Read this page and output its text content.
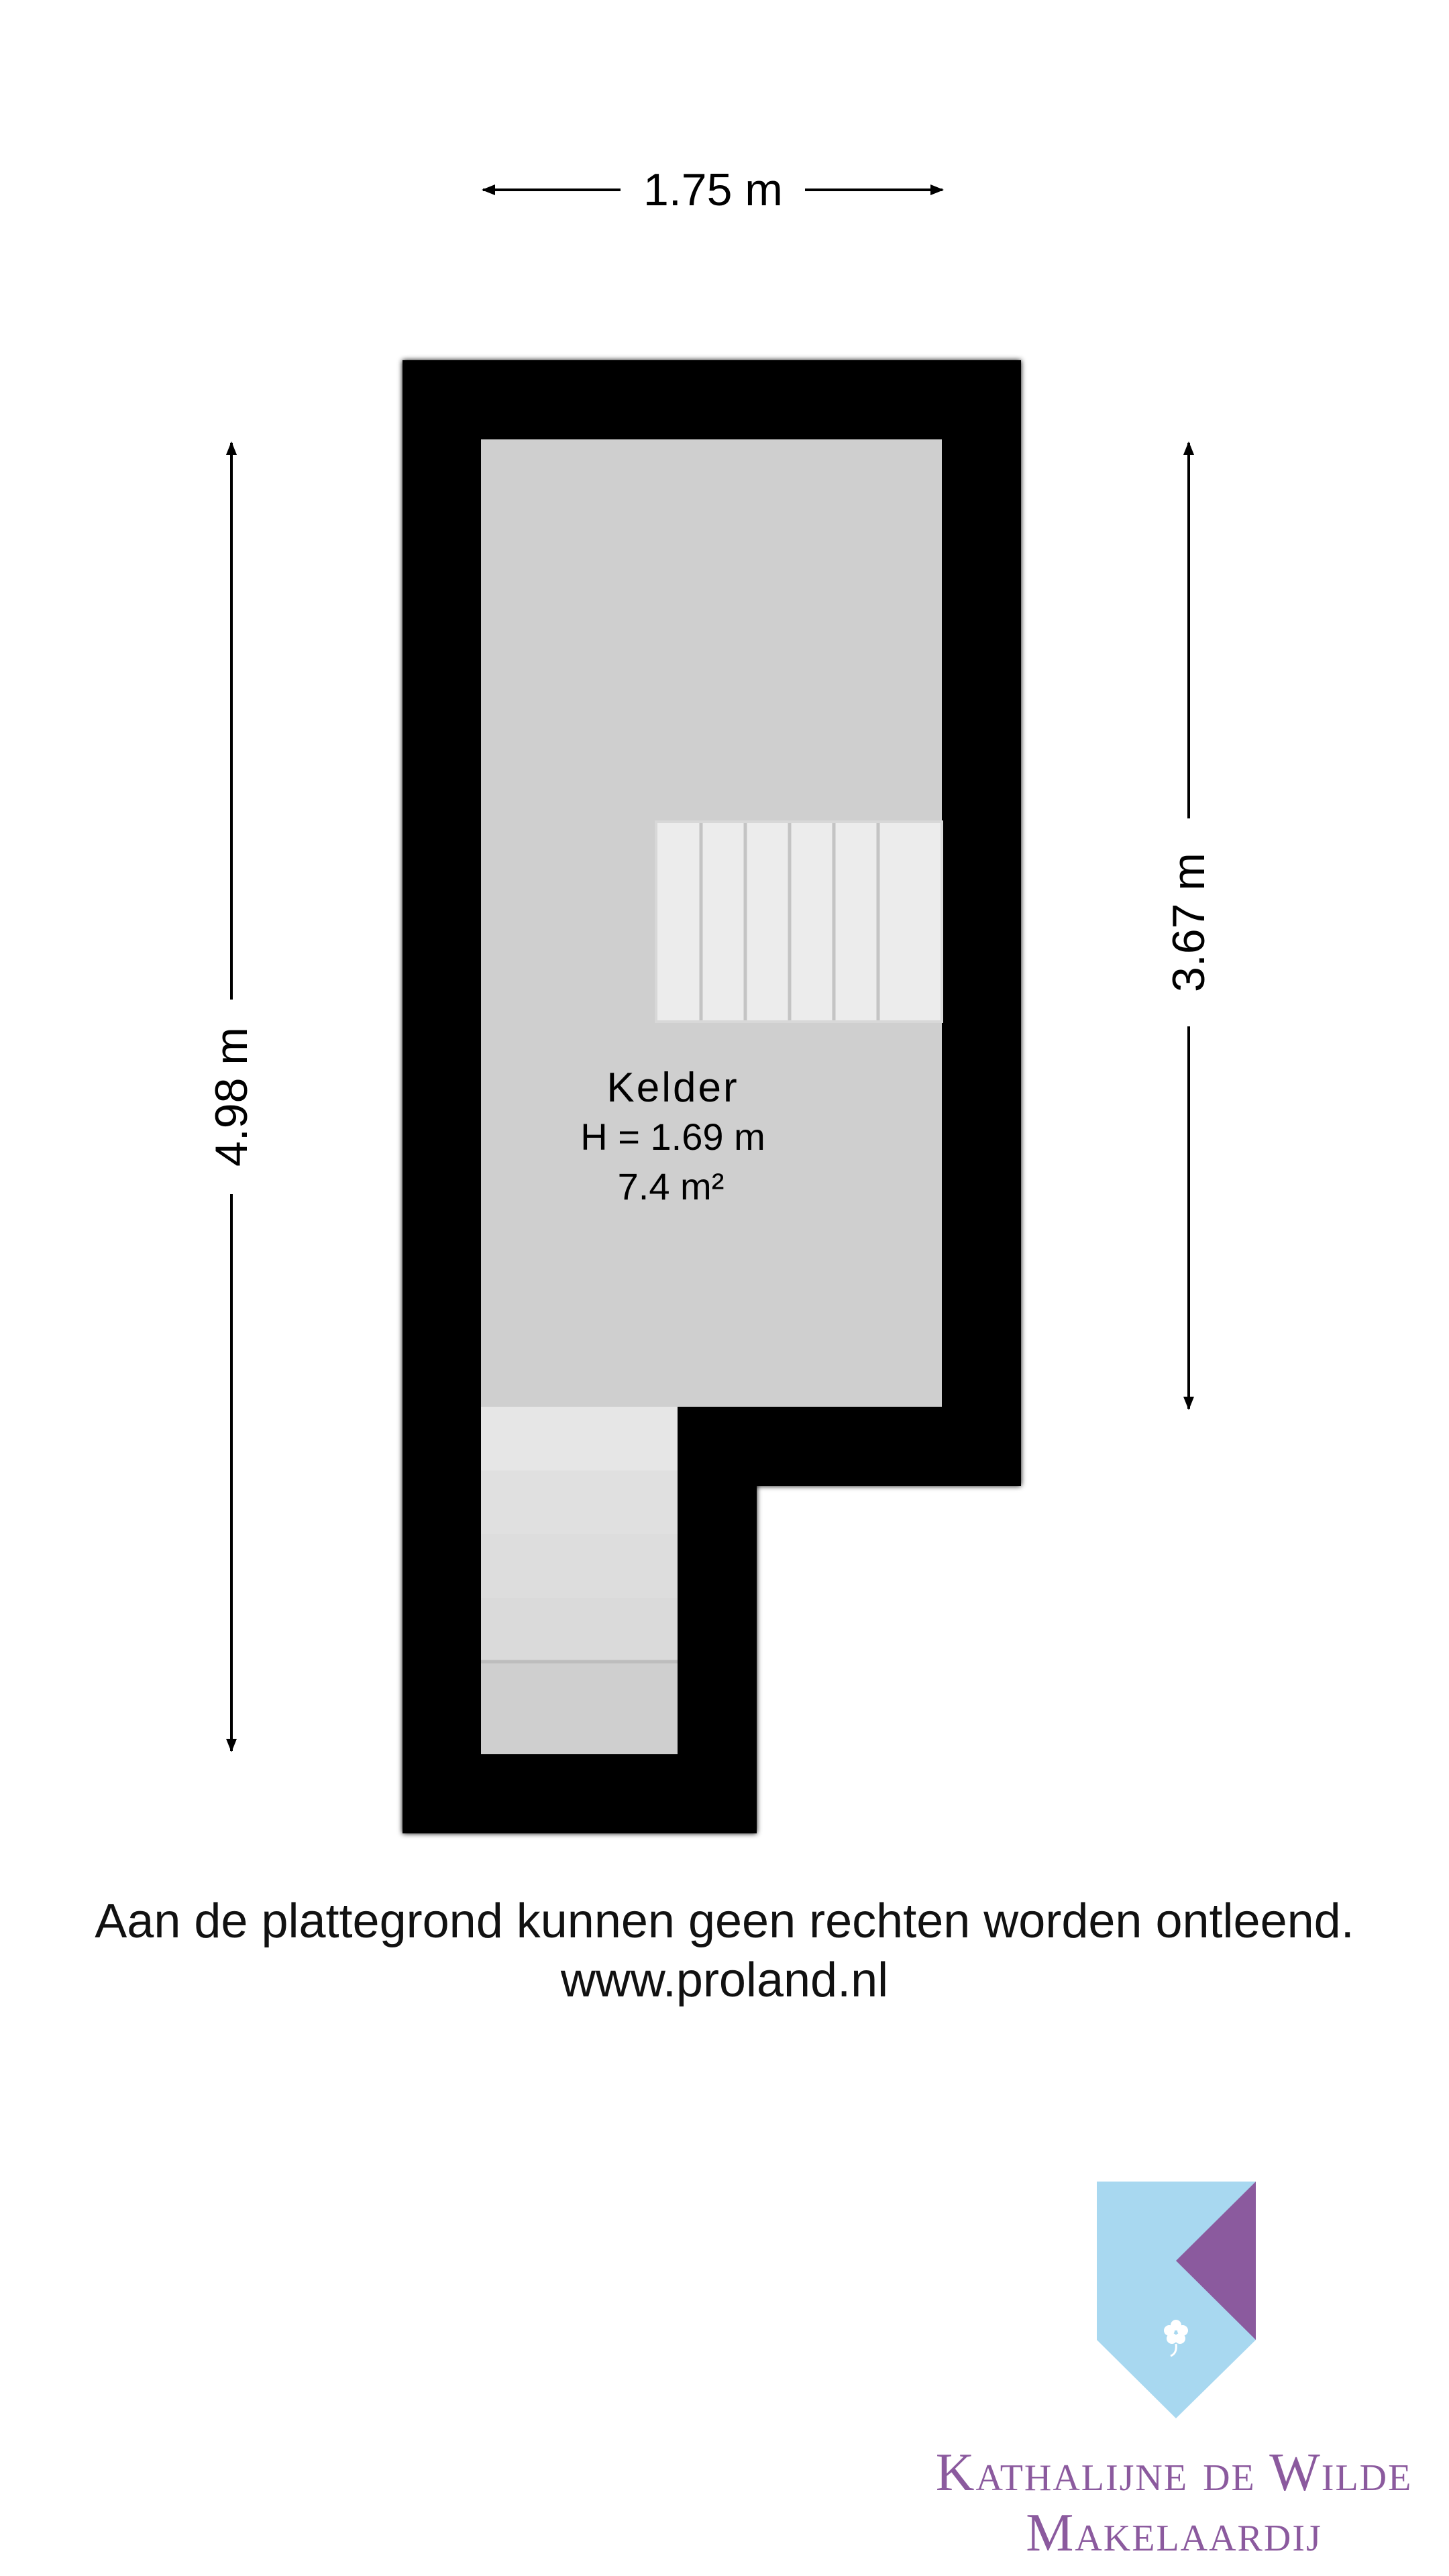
1.75 m
4.98 m
3.67 m
Kelder
H = 1.69 m
7.4 m²
Aan de plattegrond kunnen geen rechten worden ontleend.
www.proland.nl
Kathalijne de Wilde
Makelaardij
